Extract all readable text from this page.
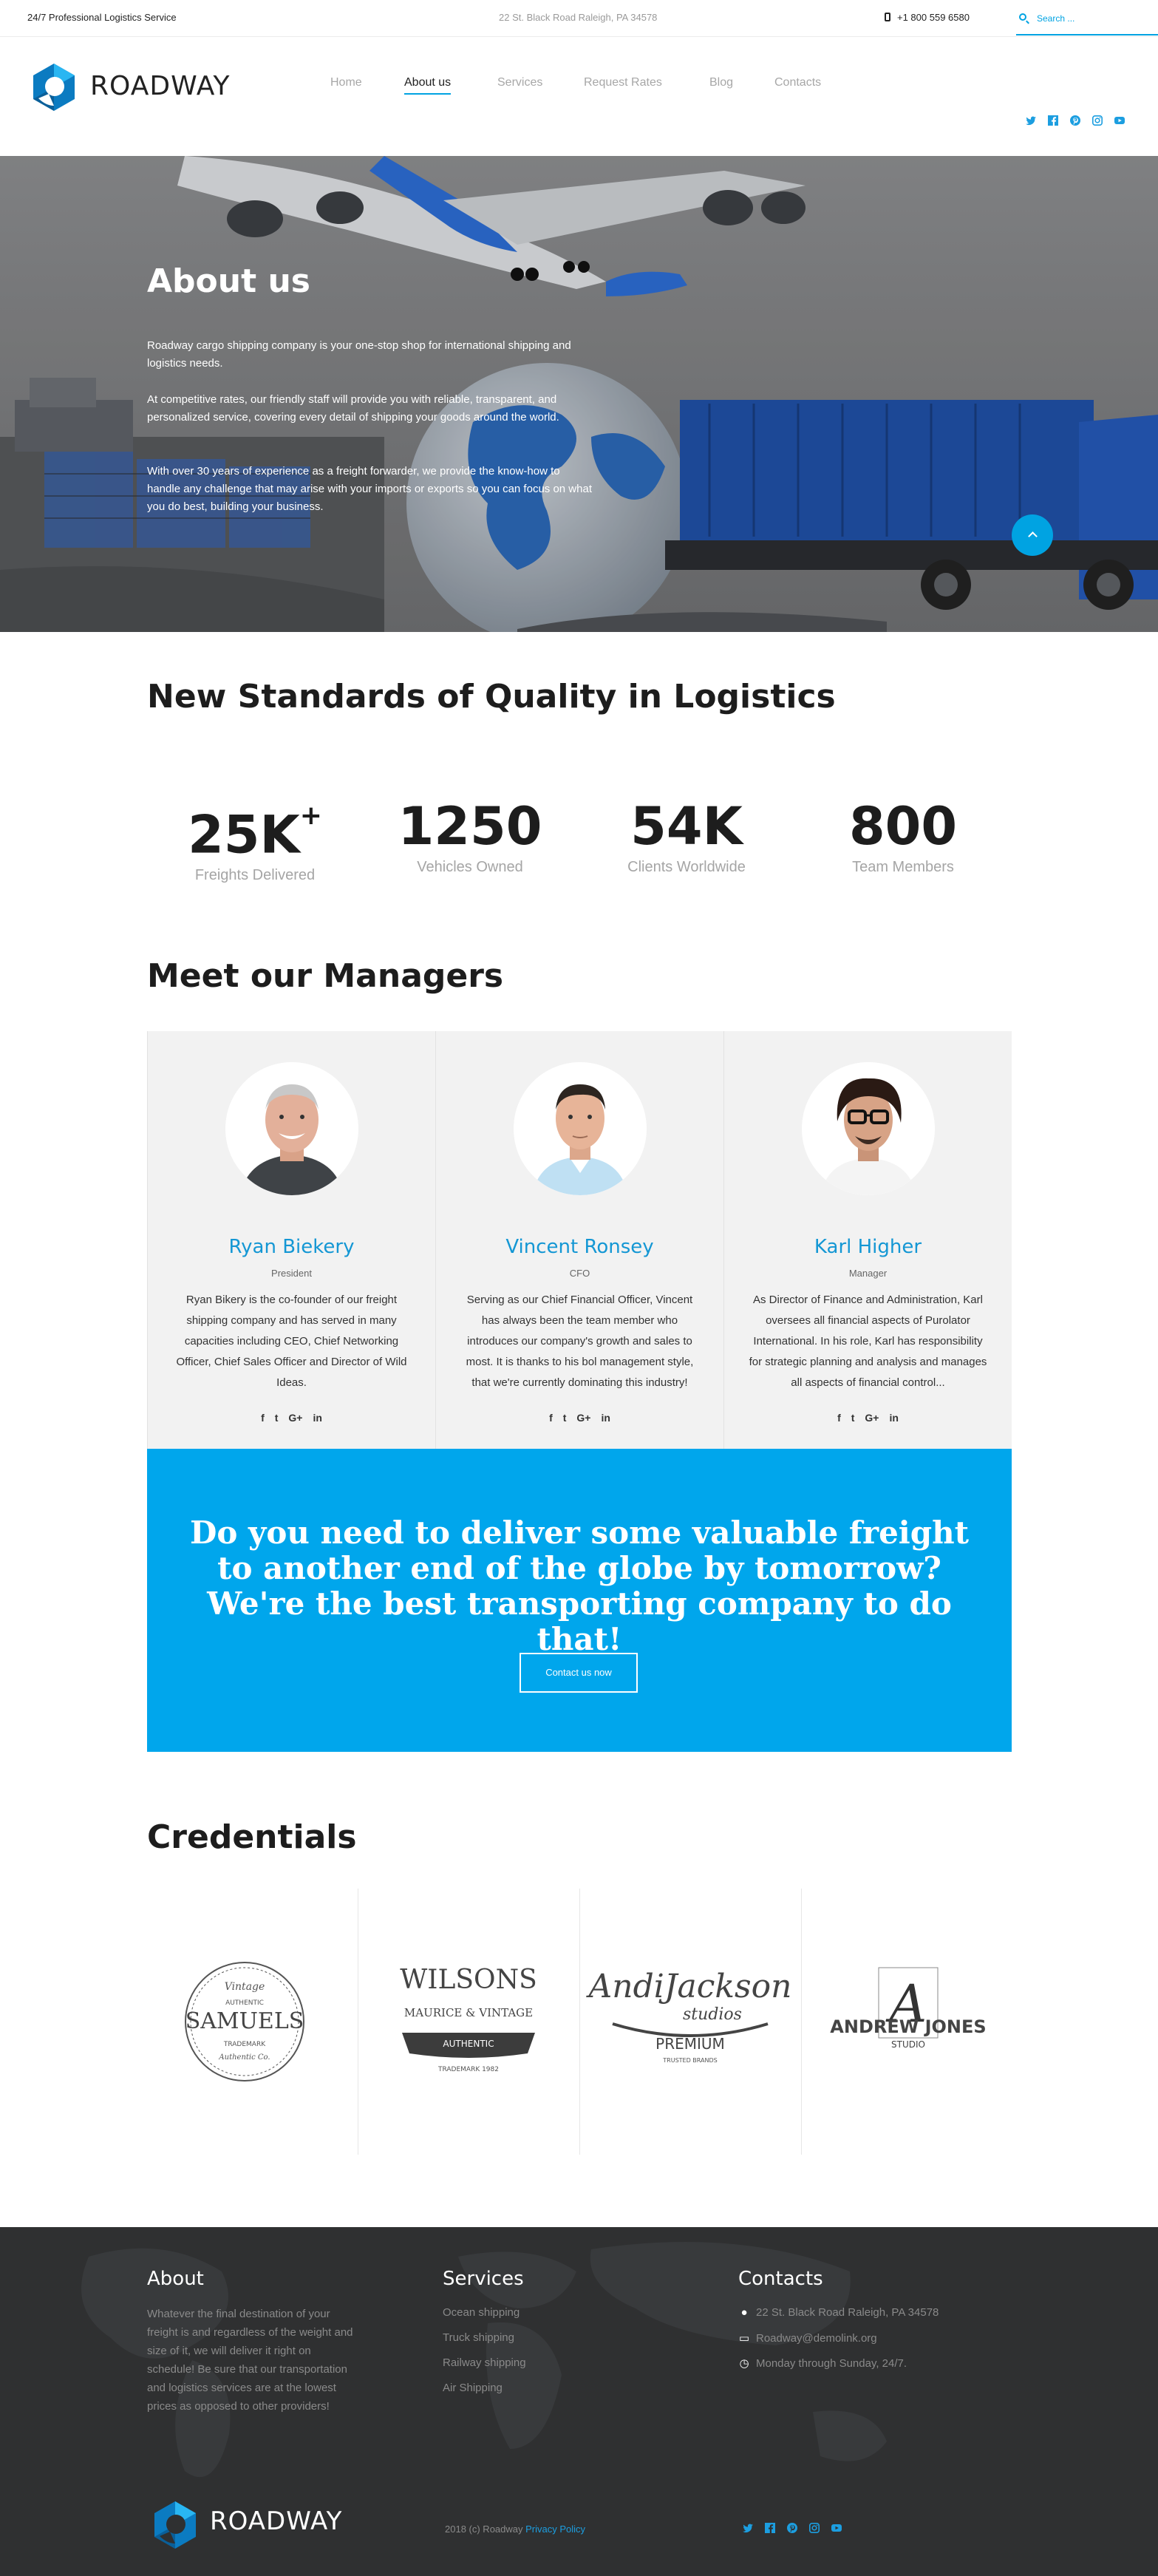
24/7 Professional Logistics Service	22 St. Black Road Raleigh, PA 34578	+1 800 559 6580
Search ...
ROADWAY	Home	About us	Services	Request Rates	Blog	Contacts
About us

Roadway cargo shipping company is your one-stop shop for international shipping and logistics needs.

At competitive rates, our friendly staff will provide you with reliable, transparent, and personalized service, covering every detail of shipping your goods around the world.

With over 30 years of experience as a freight forwarder, we provide the know-how to handle any challenge that may arise with your imports or exports so you can focus on what you do best, building your business.

New Standards of Quality in Logistics
25K+
Freights Delivered
1250
Vehicles Owned
54K
Clients Worldwide
800
Team Members
Meet our Managers
Ryan Biekery
President
Ryan Bikery is the co-founder of our freight shipping company and has served in many capacities including CEO, Chief Networking Officer, Chief Sales Officer and Director of Wild Ideas.
f t G+ in
Vincent Ronsey
CFO
Serving as our Chief Financial Officer, Vincent has always been the team member who introduces our company's growth and sales to most. It is thanks to his bol management style, that we're currently dominating this industry!
f t G+ in
Karl Higher
Manager
As Director of Finance and Administration, Karl oversees all financial aspects of Purolator International. In his role, Karl has responsibility for strategic planning and analysis and manages all aspects of financial control...
f t G+ in
Do you need to deliver some valuable freight to another end of the globe by tomorrow? We're the best transporting company to do that!
Contact us now
Credentials
Vintage
AUTHENTIC
SAMUELS
TRADEMARK
Authentic Co.
WILSONS
MAURICE & VINTAGE
AUTHENTIC
TRADEMARK 1982
AndiJackson
studios
PREMIUM
TRUSTED BRANDS
A
ANDREW JONES
STUDIO
About

Whatever the final destination of your freight is and regardless of the weight and size of it, we will deliver it right on schedule! Be sure that our transportation and logistics services are at the lowest prices as opposed to other providers!

Services
Ocean shipping
Truck shipping
Railway shipping
Air Shipping
Contacts
● 22 St. Black Road Raleigh, PA 34578
▭ Roadway@demolink.org
◷ Monday through Sunday, 24/7.
ROADWAY	2018 (c) Roadway Privacy Policy
